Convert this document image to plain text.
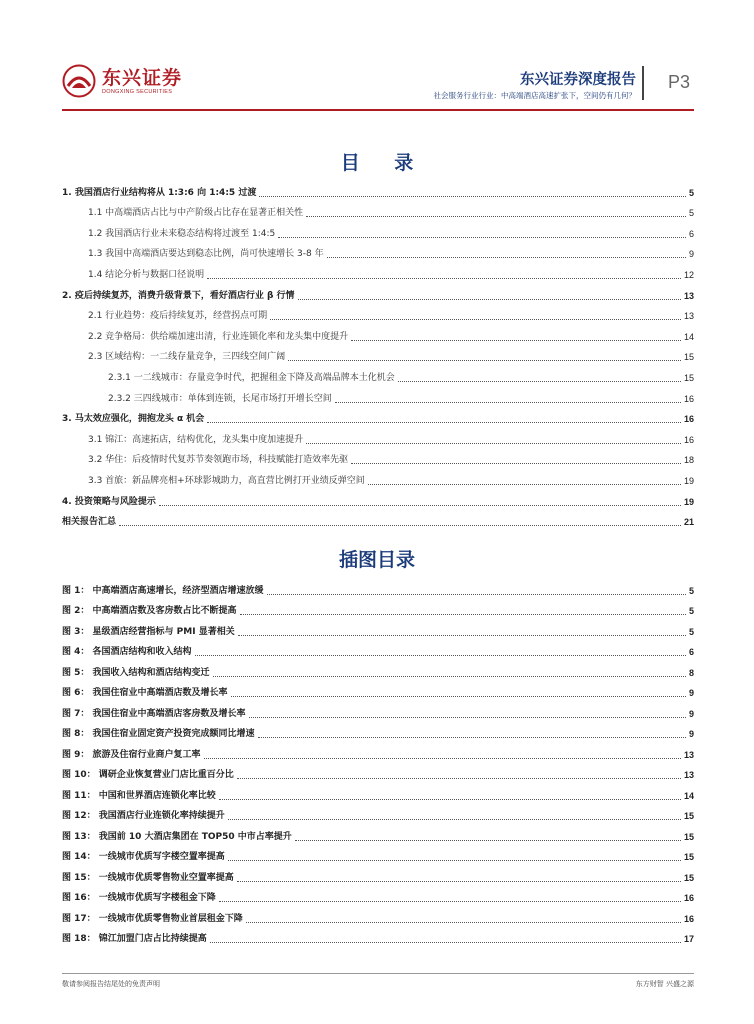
东兴证券
DONGXING SECURITIES
东兴证券深度报告
社会服务行业行业：中高端酒店高速扩张下，空间仍有几何？
P3
目 录
1. 我国酒店行业结构将从 1:3:6 向 1:4:5 过渡	5
1.1 中高端酒店占比与中产阶级占比存在显著正相关性	5
1.2 我国酒店行业未来稳态结构将过渡至 1:4:5	6
1.3 我国中高端酒店要达到稳态比例，尚可快速增长 3-8 年	9
1.4 结论分析与数据口径说明	12
2. 疫后持续复苏，消费升级背景下，看好酒店行业 β 行情	13
2.1 行业趋势：疫后持续复苏，经营拐点可期	13
2.2 竞争格局：供给端加速出清，行业连锁化率和龙头集中度提升	14
2.3 区域结构：一二线存量竞争，三四线空间广阔	15
2.3.1 一二线城市：存量竞争时代，把握租金下降及高端品牌本土化机会	15
2.3.2 三四线城市：单体到连锁，长尾市场打开增长空间	16
3. 马太效应强化，拥抱龙头 α 机会	16
3.1 锦江：高速拓店，结构优化，龙头集中度加速提升	16
3.2 华住：后疫情时代复苏节奏领跑市场，科技赋能打造效率先驱	18
3.3 首旅：新品牌亮相+环球影城助力，高直营比例打开业绩反弹空间	19
4. 投资策略与风险提示	19
相关报告汇总	21
插图目录
图 1： 中高端酒店高速增长，经济型酒店增速放缓	5
图 2： 中高端酒店数及客房数占比不断提高	5
图 3： 星级酒店经营指标与 PMI 显著相关	5
图 4： 各国酒店结构和收入结构	6
图 5： 我国收入结构和酒店结构变迁	8
图 6： 我国住宿业中高端酒店数及增长率	9
图 7： 我国住宿业中高端酒店客房数及增长率	9
图 8： 我国住宿业固定资产投资完成额同比增速	9
图 9： 旅游及住宿行业商户复工率	13
图 10： 调研企业恢复营业门店比重百分比	13
图 11： 中国和世界酒店连锁化率比较	14
图 12： 我国酒店行业连锁化率持续提升	15
图 13： 我国前 10 大酒店集团在 TOP50 中市占率提升	15
图 14： 一线城市优质写字楼空置率提高	15
图 15： 一线城市优质零售物业空置率提高	15
图 16： 一线城市优质写字楼租金下降	16
图 17： 一线城市优质零售物业首层租金下降	16
图 18： 锦江加盟门店占比持续提高	17
敬请参阅报告结尾处的免责声明	东方财智 兴盛之源
